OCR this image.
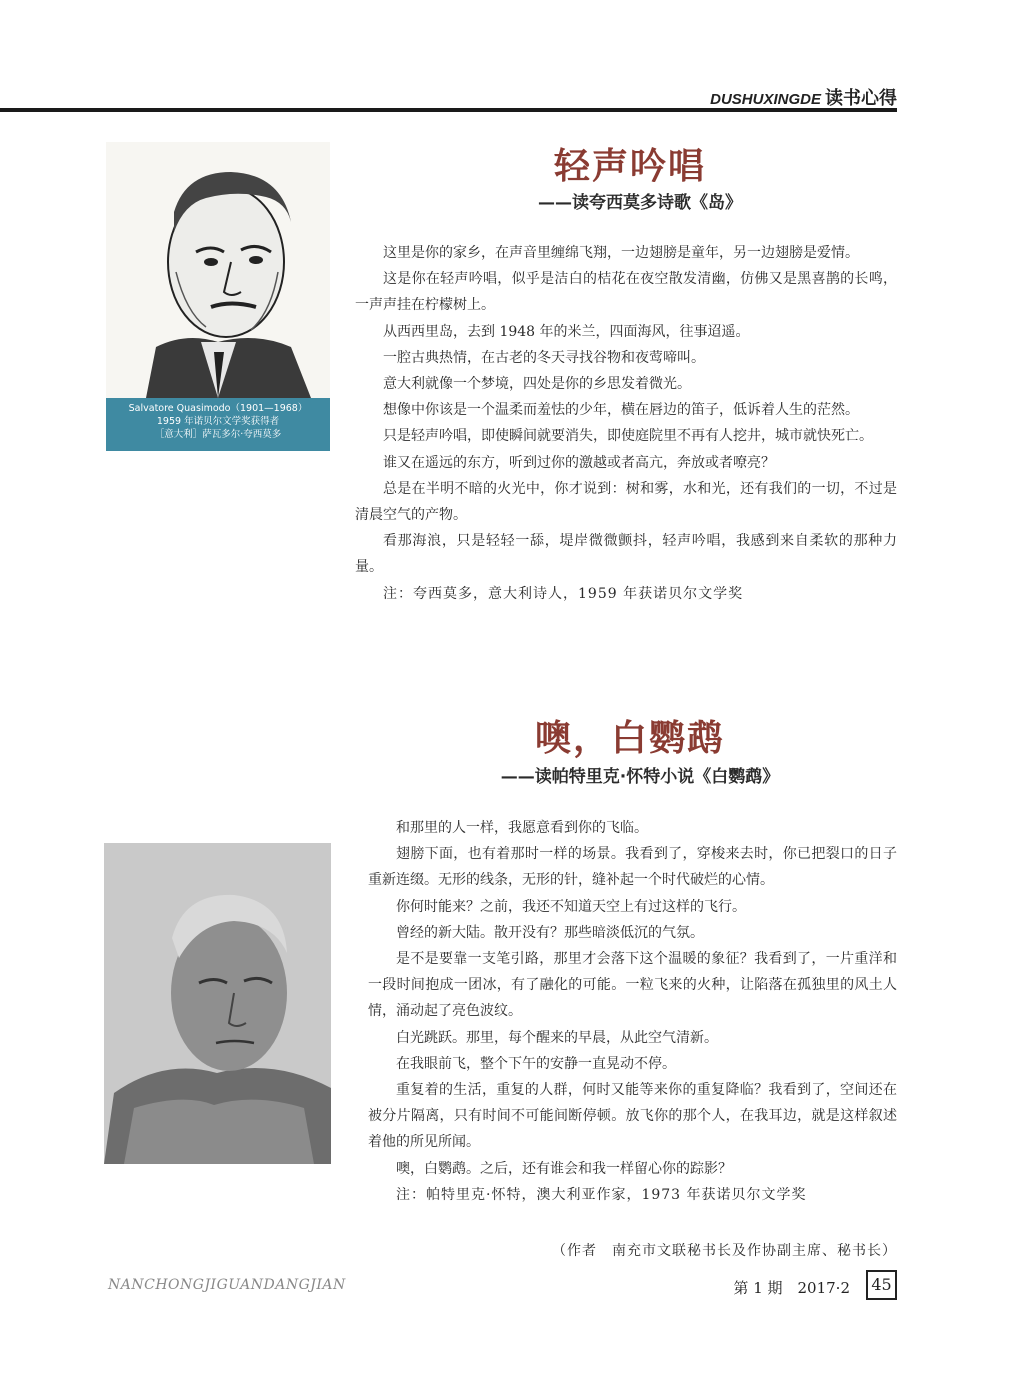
DUSHUXINGDE 读书心得
Salvatore Quasimodo（1901—1968）
1959 年诺贝尔文学奖获得者
［意大利］萨瓦多尔·夸西莫多
轻声吟唱
——读夸西莫多诗歌《岛》

这里是你的家乡，在声音里缠绵飞翔，一边翅膀是童年，另一边翅膀是爱情。

这是你在轻声吟唱，似乎是洁白的桔花在夜空散发清幽，仿佛又是黑喜鹊的长鸣，一声声挂在柠檬树上。

从西西里岛，去到 1948 年的米兰，四面海风，往事迢遥。

一腔古典热情，在古老的冬天寻找谷物和夜莺啼叫。

意大利就像一个梦境，四处是你的乡思发着微光。

想像中你该是一个温柔而羞怯的少年，横在唇边的笛子，低诉着人生的茫然。

只是轻声吟唱，即使瞬间就要消失，即使庭院里不再有人挖井，城市就快死亡。

谁又在遥远的东方，听到过你的激越或者高亢，奔放或者嘹亮？

总是在半明不暗的火光中，你才说到：树和雾，水和光，还有我们的一切，不过是清晨空气的产物。

看那海浪，只是轻轻一舔，堤岸微微颤抖，轻声吟唱，我感到来自柔软的那种力量。

注：夸西莫多，意大利诗人，1959 年获诺贝尔文学奖

噢，白鹦鹉
——读帕特里克·怀特小说《白鹦鹉》

和那里的人一样，我愿意看到你的飞临。

翅膀下面，也有着那时一样的场景。我看到了，穿梭来去时，你已把裂口的日子重新连缀。无形的线条，无形的针，缝补起一个时代破烂的心情。

你何时能来？之前，我还不知道天空上有过这样的飞行。

曾经的新大陆。散开没有？那些暗淡低沉的气氛。

是不是要靠一支笔引路，那里才会落下这个温暖的象征？我看到了，一片重洋和一段时间抱成一团冰，有了融化的可能。一粒飞来的火种，让陷落在孤独里的风土人情，涌动起了亮色波纹。

白光跳跃。那里，每个醒来的早晨，从此空气清新。

在我眼前飞，整个下午的安静一直晃动不停。

重复着的生活，重复的人群，何时又能等来你的重复降临？我看到了，空间还在被分片隔离，只有时间不可能间断停顿。放飞你的那个人，在我耳边，就是这样叙述着他的所见所闻。

噢，白鹦鹉。之后，还有谁会和我一样留心你的踪影？

注：帕特里克·怀特，澳大利亚作家，1973 年获诺贝尔文学奖

（作者　南充市文联秘书长及作协副主席、秘书长）
NANCHONGJIGUANDANGJIAN	第 1 期　2017·2	45
